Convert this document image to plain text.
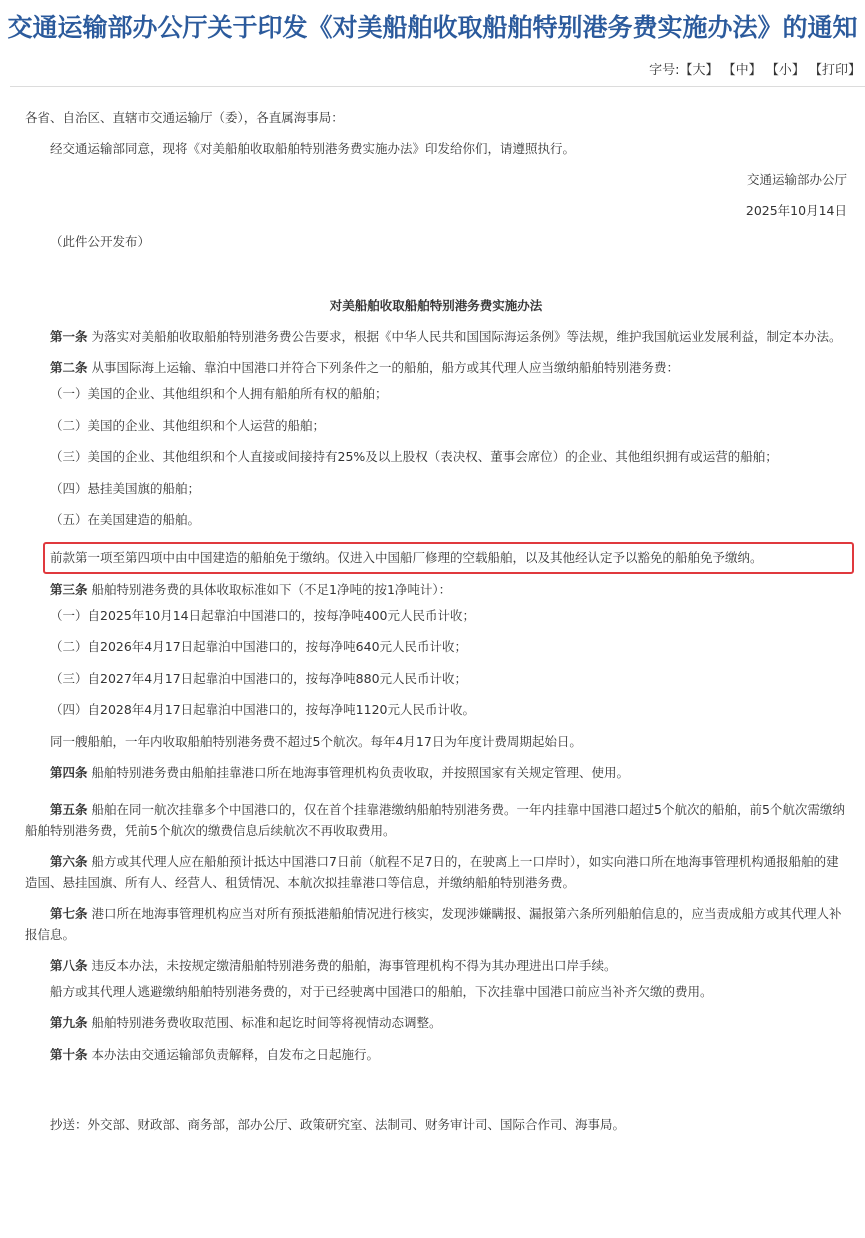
交通运输部办公厅关于印发《对美船舶收取船舶特别港务费实施办法》的通知
字号:【大】 【中】 【小】 【打印】

各省、自治区、直辖市交通运输厅（委），各直属海事局：

经交通运输部同意，现将《对美船舶收取船舶特别港务费实施办法》印发给你们，请遵照执行。

交通运输部办公厅

2025年10月14日

（此件公开发布）

对美船舶收取船舶特别港务费实施办法

第一条 为落实对美船舶收取船舶特别港务费公告要求，根据《中华人民共和国国际海运条例》等法规，维护我国航运业发展利益，制定本办法。

第二条 从事国际海上运输、靠泊中国港口并符合下列条件之一的船舶，船方或其代理人应当缴纳船舶特别港务费：

（一）美国的企业、其他组织和个人拥有船舶所有权的船舶；

（二）美国的企业、其他组织和个人运营的船舶；

（三）美国的企业、其他组织和个人直接或间接持有25%及以上股权（表决权、董事会席位）的企业、其他组织拥有或运营的船舶；

（四）悬挂美国旗的船舶；

（五）在美国建造的船舶。

前款第一项至第四项中由中国建造的船舶免于缴纳。仅进入中国船厂修理的空载船舶，以及其他经认定予以豁免的船舶免予缴纳。

第三条 船舶特别港务费的具体收取标准如下（不足1净吨的按1净吨计）：

（一）自2025年10月14日起靠泊中国港口的，按每净吨400元人民币计收；

（二）自2026年4月17日起靠泊中国港口的，按每净吨640元人民币计收；

（三）自2027年4月17日起靠泊中国港口的，按每净吨880元人民币计收；

（四）自2028年4月17日起靠泊中国港口的，按每净吨1120元人民币计收。

同一艘船舶，一年内收取船舶特别港务费不超过5个航次。每年4月17日为年度计费周期起始日。

第四条 船舶特别港务费由船舶挂靠港口所在地海事管理机构负责收取，并按照国家有关规定管理、使用。

第五条 船舶在同一航次挂靠多个中国港口的，仅在首个挂靠港缴纳船舶特别港务费。一年内挂靠中国港口超过5个航次的船舶，前5个航次需缴纳船舶特别港务费，凭前5个航次的缴费信息后续航次不再收取费用。

第六条 船方或其代理人应在船舶预计抵达中国港口7日前（航程不足7日的，在驶离上一口岸时），如实向港口所在地海事管理机构通报船舶的建造国、悬挂国旗、所有人、经营人、租赁情况、本航次拟挂靠港口等信息，并缴纳船舶特别港务费。

第七条 港口所在地海事管理机构应当对所有预抵港船舶情况进行核实，发现涉嫌瞒报、漏报第六条所列船舶信息的，应当责成船方或其代理人补报信息。

第八条 违反本办法，未按规定缴清船舶特别港务费的船舶，海事管理机构不得为其办理进出口岸手续。

船方或其代理人逃避缴纳船舶特别港务费的，对于已经驶离中国港口的船舶，下次挂靠中国港口前应当补齐欠缴的费用。

第九条 船舶特别港务费收取范围、标准和起讫时间等将视情动态调整。

第十条 本办法由交通运输部负责解释，自发布之日起施行。

抄送：外交部、财政部、商务部，部办公厅、政策研究室、法制司、财务审计司、国际合作司、海事局。
